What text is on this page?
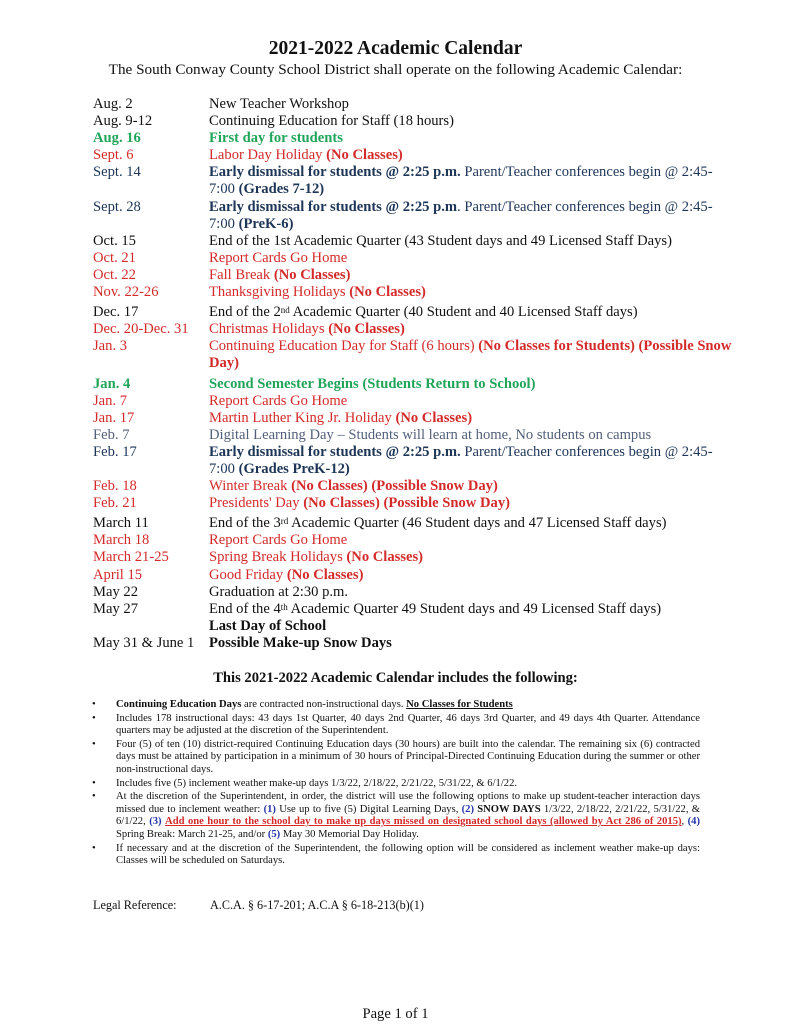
2021-2022 Academic Calendar
The South Conway County School District shall operate on the following Academic Calendar:
Aug. 2	New Teacher Workshop
Aug. 9-12	Continuing Education for Staff (18 hours)
Aug. 16	First day for students
Sept. 6	Labor Day Holiday (No Classes)
Sept. 14	Early dismissal for students @ 2:25 p.m. Parent/Teacher conferences begin @ 2:45-7:00 (Grades 7-12)
Sept. 28	Early dismissal for students @ 2:25 p.m. Parent/Teacher conferences begin @ 2:45-7:00 (PreK-6)
Oct. 15	End of the 1st Academic Quarter (43 Student days and 49 Licensed Staff Days)
Oct. 21	Report Cards Go Home
Oct. 22	Fall Break (No Classes)
Nov. 22-26	Thanksgiving Holidays (No Classes)
Dec. 17	End of the 2nd Academic Quarter (40 Student and 40 Licensed Staff days)
Dec. 20-Dec. 31	Christmas Holidays (No Classes)
Jan. 3	Continuing Education Day for Staff (6 hours) (No Classes for Students) (Possible Snow Day)
Jan. 4	Second Semester Begins (Students Return to School)
Jan. 7	Report Cards Go Home
Jan. 17	Martin Luther King Jr. Holiday (No Classes)
Feb. 7	Digital Learning Day – Students will learn at home, No students on campus
Feb. 17	Early dismissal for students @ 2:25 p.m. Parent/Teacher conferences begin @ 2:45-7:00 (Grades PreK-12)
Feb. 18	Winter Break (No Classes) (Possible Snow Day)
Feb. 21	Presidents' Day (No Classes) (Possible Snow Day)
March 11	End of the 3rd Academic Quarter (46 Student days and 47 Licensed Staff days)
March 18	Report Cards Go Home
March 21-25	Spring Break Holidays (No Classes)
April 15	Good Friday (No Classes)
May 22	Graduation at 2:30 p.m.
May 27	End of the 4th Academic Quarter 49 Student days and 49 Licensed Staff days)
Last Day of School
May 31 & June 1	Possible Make-up Snow Days
This 2021-2022 Academic Calendar includes the following:
• Continuing Education Days are contracted non-instructional days. No Classes for Students
• Includes 178 instructional days: 43 days 1st Quarter, 40 days 2nd Quarter, 46 days 3rd Quarter, and 49 days 4th Quarter. Attendance quarters may be adjusted at the discretion of the Superintendent.
• Four (5) of ten (10) district-required Continuing Education days (30 hours) are built into the calendar. The remaining six (6) contracted days must be attained by participation in a minimum of 30 hours of Principal-Directed Continuing Education during the summer or other non-instructional days.
• Includes five (5) inclement weather make-up days 1/3/22, 2/18/22, 2/21/22, 5/31/22, & 6/1/22.
• At the discretion of the Superintendent, in order, the district will use the following options to make up student-teacher interaction days missed due to inclement weather: (1) Use up to five (5) Digital Learning Days, (2) SNOW DAYS 1/3/22, 2/18/22, 2/21/22, 5/31/22, & 6/1/22, (3) Add one hour to the school day to make up days missed on designated school days (allowed by Act 286 of 2015), (4) Spring Break: March 21-25, and/or (5) May 30 Memorial Day Holiday.
• If necessary and at the discretion of the Superintendent, the following option will be considered as inclement weather make-up days: Classes will be scheduled on Saturdays.
Legal Reference:	A.C.A. § 6-17-201; A.C.A § 6-18-213(b)(1)
Page 1 of 1
